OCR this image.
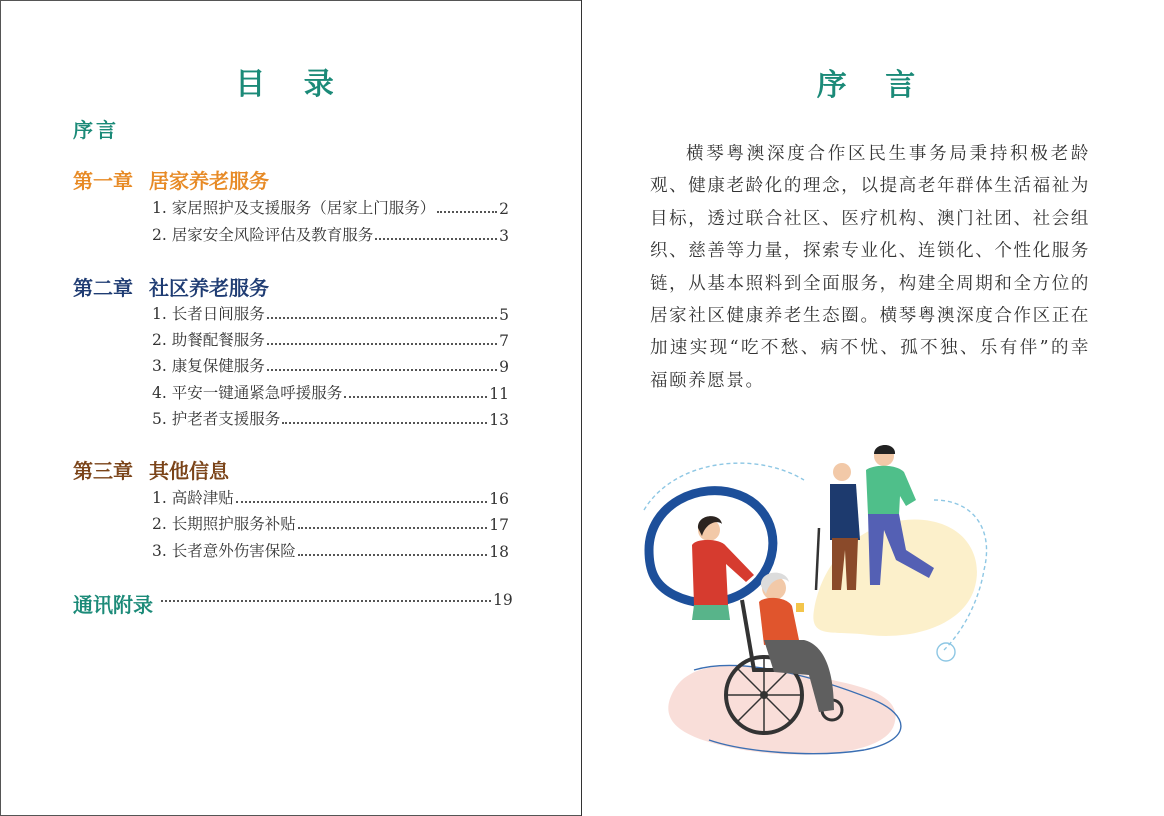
目 录
序言
第一章 居家养老服务
1. 家居照护及支援服务（居家上门服务）	2
2. 居家安全风险评估及教育服务	3
第二章 社区养老服务
1. 长者日间服务	5
2. 助餐配餐服务	7
3. 康复保健服务	9
4. 平安一键通紧急呼援服务	11
5. 护老者支援服务	13
第三章 其他信息
1. 高龄津贴	16
2. 长期照护服务补贴	17
3. 长者意外伤害保险	18
通讯附录	19
序 言
横琴粤澳深度合作区民生事务局秉持积极老龄观、健康老龄化的理念，以提高老年群体生活福祉为目标，透过联合社区、医疗机构、澳门社团、社会组织、慈善等力量，探索专业化、连锁化、个性化服务链，从基本照料到全面服务，构建全周期和全方位的居家社区健康养老生态圈。横琴粤澳深度合作区正在加速实现“吃不愁、病不忧、孤不独、乐有伴”的幸福颐养愿景。
